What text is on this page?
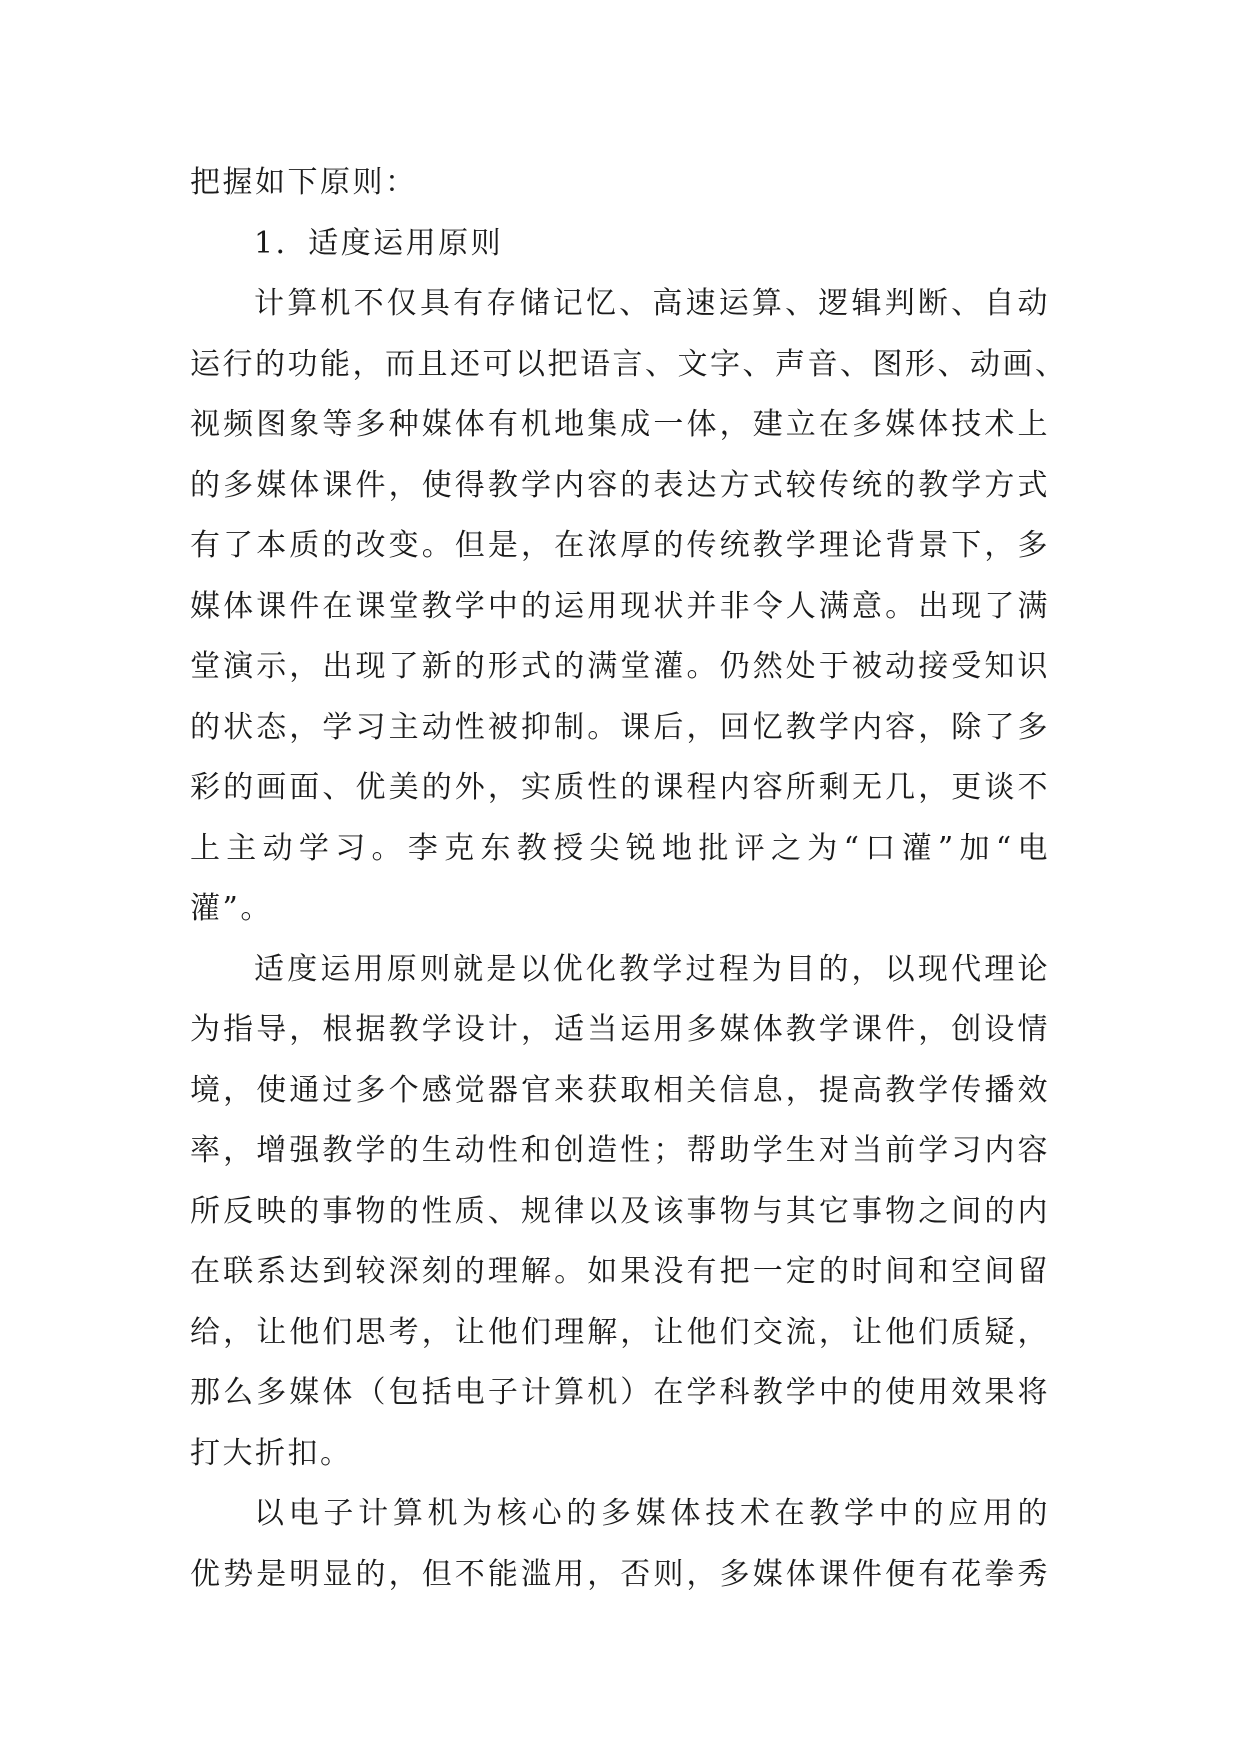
把握如下原则：
1．适度运用原则
计算机不仅具有存储记忆、高速运算、逻辑判断、自动
运行的功能，而且还可以把语言、文字、声音、图形、动画、
视频图象等多种媒体有机地集成一体，建立在多媒体技术上
的多媒体课件，使得教学内容的表达方式较传统的教学方式
有了本质的改变。但是，在浓厚的传统教学理论背景下，多
媒体课件在课堂教学中的运用现状并非令人满意。出现了满
堂演示，出现了新的形式的满堂灌。仍然处于被动接受知识
的状态，学习主动性被抑制。课后，回忆教学内容，除了多
彩的画面、优美的外，实质性的课程内容所剩无几，更谈不
上主动学习。李克东教授尖锐地批评之为“口灌”加“电
灌”。
适度运用原则就是以优化教学过程为目的，以现代理论
为指导，根据教学设计，适当运用多媒体教学课件，创设情
境，使通过多个感觉器官来获取相关信息，提高教学传播效
率，增强教学的生动性和创造性；帮助学生对当前学习内容
所反映的事物的性质、规律以及该事物与其它事物之间的内
在联系达到较深刻的理解。如果没有把一定的时间和空间留
给，让他们思考，让他们理解，让他们交流，让他们质疑，
那么多媒体（包括电子计算机）在学科教学中的使用效果将
打大折扣。
以电子计算机为核心的多媒体技术在教学中的应用的
优势是明显的，但不能滥用，否则，多媒体课件便有花拳秀
